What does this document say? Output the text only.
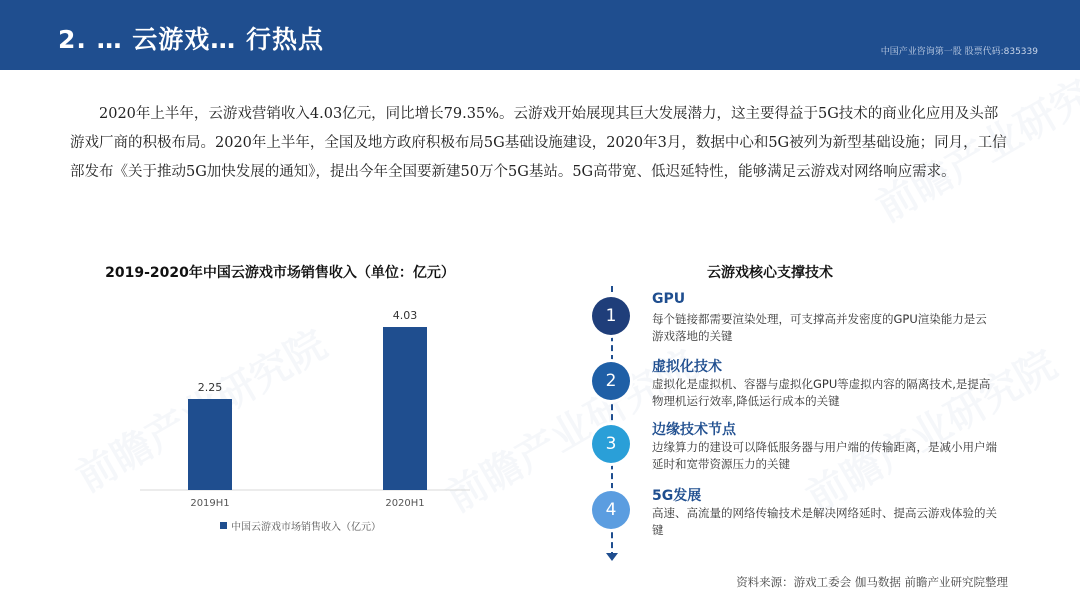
2. … 云游戏… 行热点	中国产业咨询第一股 股票代码:835339

2020年上半年，云游戏营销收入4.03亿元，同比增长79.35%。云游戏开始展现其巨大发展潜力，这主要得益于5G技术的商业化应用及头部游戏厂商的积极布局。2020年上半年，全国及地方政府积极布局5G基础设施建设，2020年3月，数据中心和5G被列为新型基础设施；同月，工信部发布《关于推动5G加快发展的通知》，提出今年全国要新建50万个5G基站。5G高带宽、低迟延特性，能够满足云游戏对网络响应需求。

2019-2020年中国云游戏市场销售收入（单位：亿元）
2.25
2019H1
4.03
2020H1
中国云游戏市场销售收入（亿元）
云游戏核心支撑技术
1
GPU
每个链接都需要渲染处理，可支撑高并发密度的GPU渲染能力是云游戏落地的关键
2
虚拟化技术
虚拟化是虚拟机、容器与虚拟化GPU等虚拟内容的隔离技术,是提高物理机运行效率,降低运行成本的关键
3
边缘技术节点
边缘算力的建设可以降低服务器与用户端的传输距离，是减小用户端延时和宽带资源压力的关键
4
5G发展
高速、高流量的网络传输技术是解决网络延时、提高云游戏体验的关键
资料来源：游戏工委会 伽马数据 前瞻产业研究院整理
